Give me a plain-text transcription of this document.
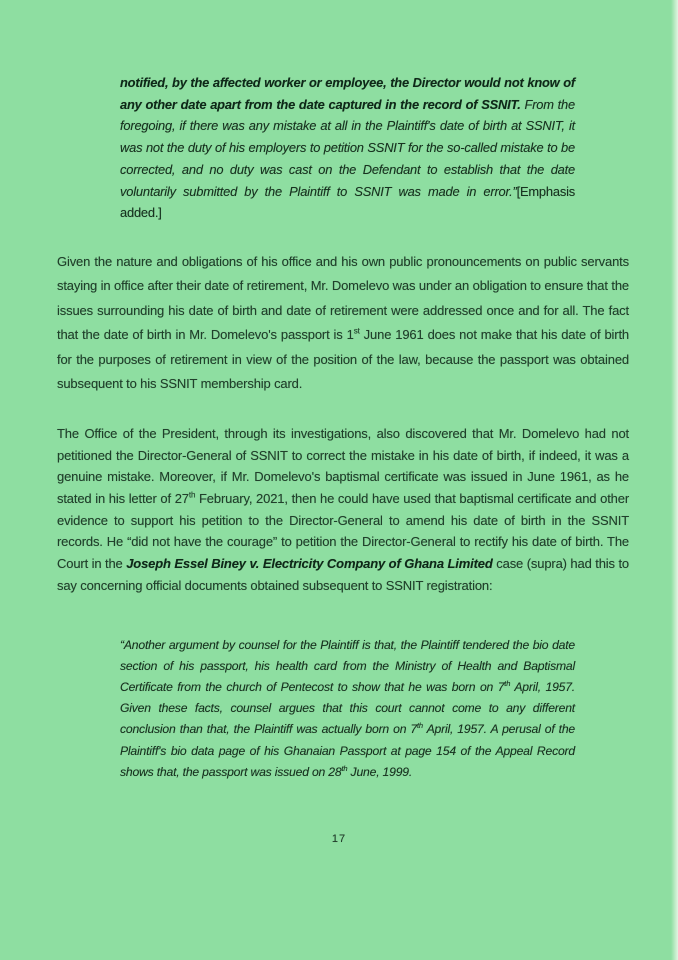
notified, by the affected worker or employee, the Director would not know of any other date apart from the date captured in the record of SSNIT. From the foregoing, if there was any mistake at all in the Plaintiff's date of birth at SSNIT, it was not the duty of his employers to petition SSNIT for the so-called mistake to be corrected, and no duty was cast on the Defendant to establish that the date voluntarily submitted by the Plaintiff to SSNIT was made in error.”[Emphasis added.]

Given the nature and obligations of his office and his own public pronouncements on public servants staying in office after their date of retirement, Mr. Domelevo was under an obligation to ensure that the issues surrounding his date of birth and date of retirement were addressed once and for all. The fact that the date of birth in Mr. Domelevo's passport is 1st June 1961 does not make that his date of birth for the purposes of retirement in view of the position of the law, because the passport was obtained subsequent to his SSNIT membership card.

The Office of the President, through its investigations, also discovered that Mr. Domelevo had not petitioned the Director-General of SSNIT to correct the mistake in his date of birth, if indeed, it was a genuine mistake. Moreover, if Mr. Domelevo's baptismal certificate was issued in June 1961, as he stated in his letter of 27th February, 2021, then he could have used that baptismal certificate and other evidence to support his petition to the Director-General to amend his date of birth in the SSNIT records. He “did not have the courage” to petition the Director-General to rectify his date of birth. The Court in the Joseph Essel Biney v. Electricity Company of Ghana Limited case (supra) had this to say concerning official documents obtained subsequent to SSNIT registration:

“Another argument by counsel for the Plaintiff is that, the Plaintiff tendered the bio date section of his passport, his health card from the Ministry of Health and Baptismal Certificate from the church of Pentecost to show that he was born on 7th April, 1957. Given these facts, counsel argues that this court cannot come to any different conclusion than that, the Plaintiff was actually born on 7th April, 1957. A perusal of the Plaintiff's bio data page of his Ghanaian Passport at page 154 of the Appeal Record shows that, the passport was issued on 28th June, 1999.

17
